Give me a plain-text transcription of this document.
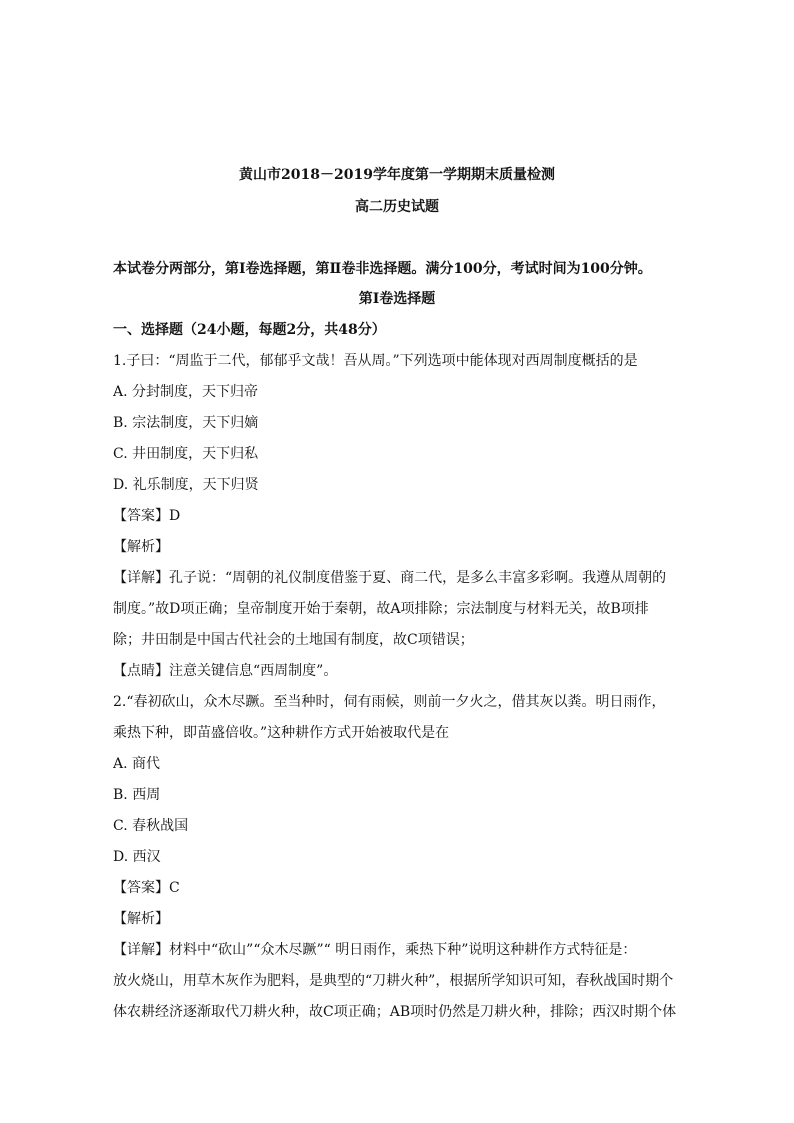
黄山市2018－2019学年度第一学期期末质量检测
高二历史试题
本试卷分两部分，第Ⅰ卷选择题，第Ⅱ卷非选择题。满分100分，考试时间为100分钟。
第Ⅰ卷选择题
一、选择题（24小题，每题2分，共48分）
1.子曰：“周监于二代，郁郁乎文哉！吾从周。”下列选项中能体现对西周制度概括的是
A. 分封制度，天下归帝
B. 宗法制度，天下归嫡
C. 井田制度，天下归私
D. 礼乐制度，天下归贤
【答案】D
【解析】
【详解】孔子说：“周朝的礼仪制度借鉴于夏、商二代，是多么丰富多彩啊。我遵从周朝的
制度。”故D项正确；皇帝制度开始于秦朝，故A项排除；宗法制度与材料无关，故B项排
除；井田制是中国古代社会的土地国有制度，故C项错误；
【点睛】注意关键信息“西周制度”。
2.“春初砍山，众木尽蹶。至当种时，伺有雨候，则前一夕火之，借其灰以粪。明日雨作，
乘热下种，即苗盛倍收。”这种耕作方式开始被取代是在
A. 商代
B. 西周
C. 春秋战国
D. 西汉
【答案】C
【解析】
【详解】材料中“砍山”“众木尽蹶”“ 明日雨作，乘热下种”说明这种耕作方式特征是：
放火烧山，用草木灰作为肥料，是典型的“刀耕火种”，根据所学知识可知，春秋战国时期个
体农耕经济逐渐取代刀耕火种，故C项正确；AB项时仍然是刀耕火种，排除；西汉时期个体
